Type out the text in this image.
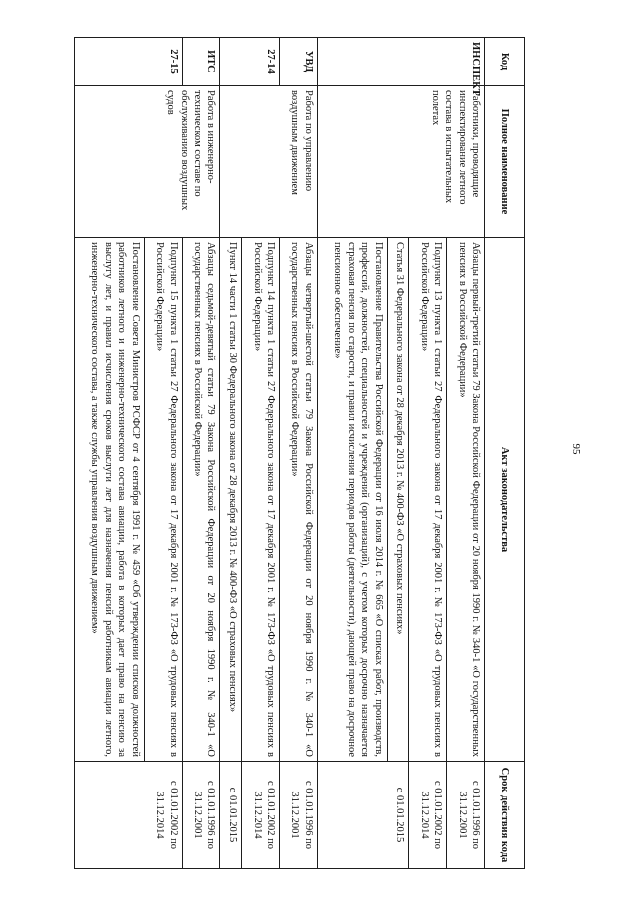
95
Код	Полное наименование	Акт законодательства	Срок действия кода
ИНСПЕКТ	Работники, проводящие инспектирование летного состава в испытательных полетах	Абзацы первый-третий статьи 79 Закона Российской Федерации от 20 ноября 1990 г. № 340-1 «О государственных пенсиях в Российской Федерации»	с 01.01.1996 по 31.12.2001

		Подпункт 13 пункта 1 статьи 27 Федерального закона от 17 декабря 2001 г. № 173-ФЗ «О трудовых пенсиях в Российской Федерации»	с 01.01.2002 по 31.12.2014

		Статья 31 Федерального закона от 28 декабря 2013 г. № 400-ФЗ «О страховых пенсиях»	с 01.01.2015

		Постановление Правительства Российской Федерации от 16 июля 2014 г. № 665 «О списках работ, производств, профессий, должностей, специальностей и учреждений (организаций), с учетом которых досрочно назначается страховая пенсия по старости, и правил исчисления периодов работы (деятельности), дающей право на досрочное пенсионное обеспечение»	

УВД	Работа по управлению воздушным движением	Абзацы четвертый-шестой статьи 79 Закона Российской Федерации от 20 ноября 1990 г. № 340-1 «О государственных пенсиях в Российской Федерации»	с 01.01.1996 по 31.12.2001
27-14		Подпункт 14 пункта 1 статьи 27 Федерального закона от 17 декабря 2001 г. № 173-ФЗ «О трудовых пенсиях в Российской Федерации»	с 01.01.2002 по 31.12.2014

		Пункт 14 части 1 статьи 30 Федерального закона от 28 декабря 2013 г. № 400-ФЗ «О страховых пенсиях»	с 01.01.2015
ИТС	Работа в инженерно-техническом составе по обслуживанию воздушных судов	Абзацы седьмой-девятый статьи 79 Закона Российской Федерации от 20 ноября 1990 г. № 340-1 «О государственных пенсиях в Российской Федерации»	с 01.01.1996 по 31.12.2001
27-15		Подпункт 15 пункта 1 статьи 27 Федерального закона от 17 декабря 2001 г. № 173-ФЗ «О трудовых пенсиях в Российской Федерации»	с 01.01.2002 по 31.12.2014

		Постановление Совета Министров РСФСР от 4 сентября 1991 г. № 459 «Об утверждении списков должностей работников летного и инженерно-технического состава авиации, работа в которых дает право на пенсию за выслугу лет, и правил исчисления сроков выслуги лет для назначения пенсий работникам авиации летного, инженерно-технического состава, а также службы управления воздушным движением»	
